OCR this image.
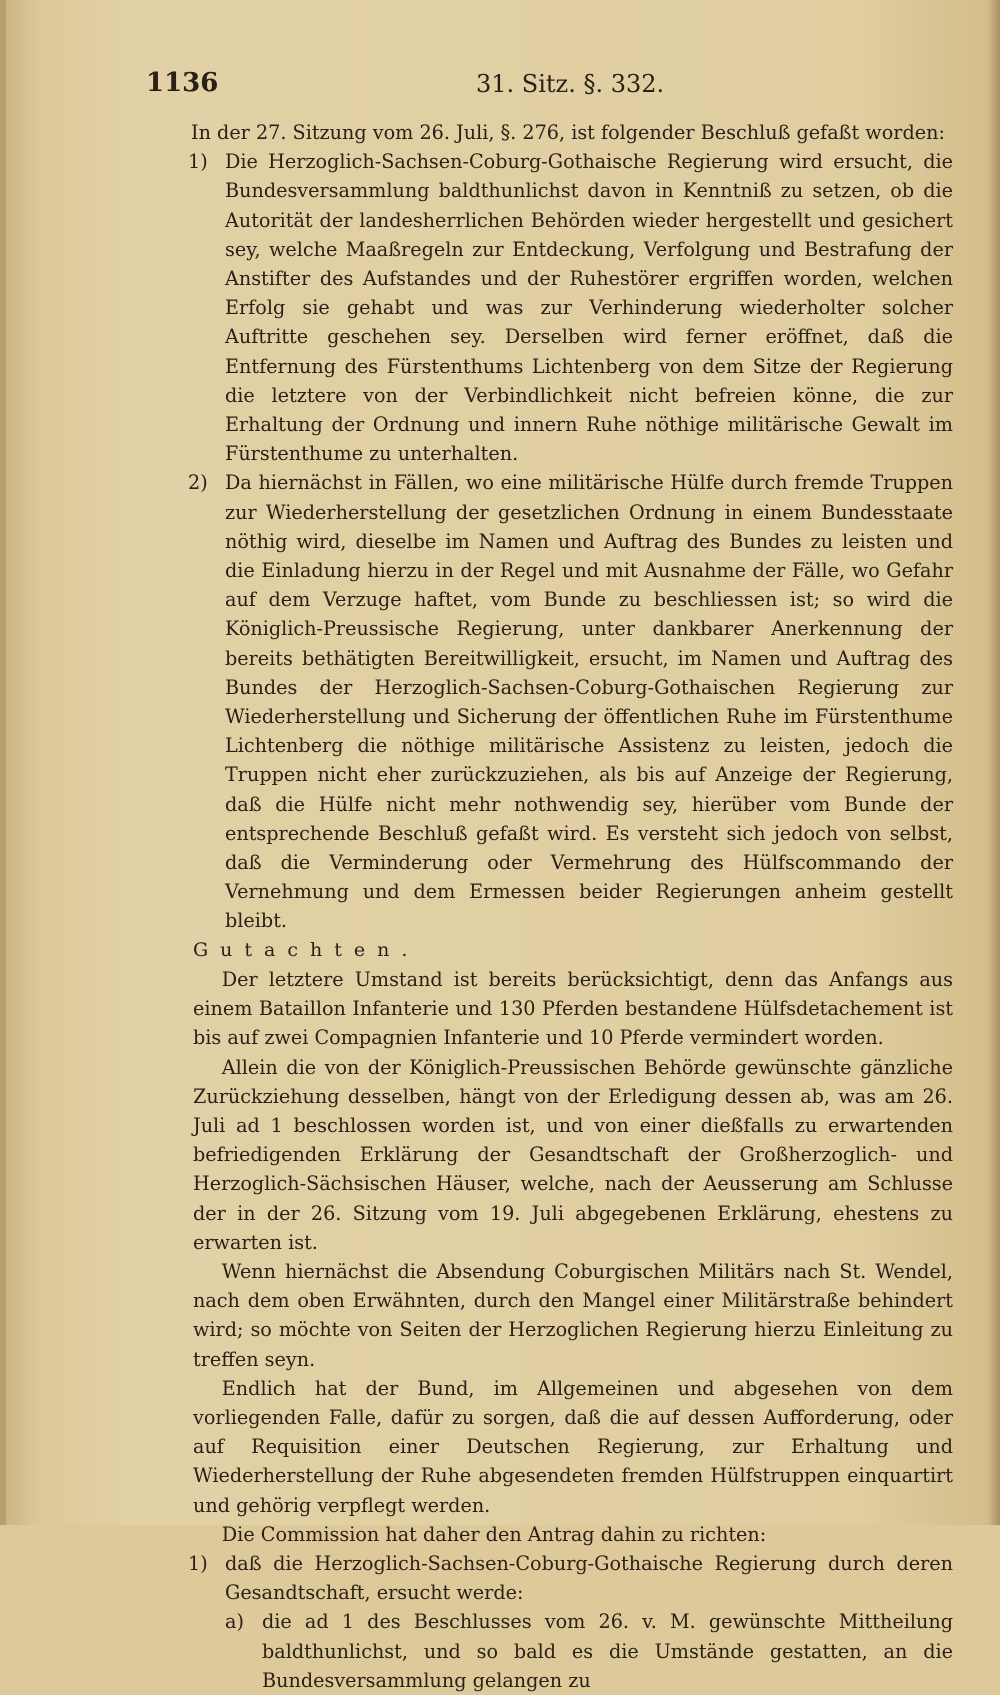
1136	31. Sitz. §. 332.

In der 27. Sitzung vom 26. Juli, §. 276, ist folgender Beschluß gefaßt worden:

1) Die Herzoglich-Sachsen-Coburg-Gothaische Regierung wird ersucht, die Bundesversammlung baldthunlichst davon in Kenntniß zu setzen, ob die Autorität der landesherrlichen Behörden wieder hergestellt und gesichert sey, welche Maaßregeln zur Entdeckung, Verfolgung und Bestrafung der Anstifter des Aufstandes und der Ruhestörer ergriffen worden, welchen Erfolg sie gehabt und was zur Verhinderung wiederholter solcher Auftritte geschehen sey. Derselben wird ferner eröffnet, daß die Entfernung des Fürstenthums Lichtenberg von dem Sitze der Regierung die letztere von der Verbindlichkeit nicht befreien könne, die zur Erhaltung der Ordnung und innern Ruhe nöthige militärische Gewalt im Fürstenthume zu unterhalten.

2) Da hiernächst in Fällen, wo eine militärische Hülfe durch fremde Truppen zur Wiederherstellung der gesetzlichen Ordnung in einem Bundesstaate nöthig wird, dieselbe im Namen und Auftrag des Bundes zu leisten und die Einladung hierzu in der Regel und mit Ausnahme der Fälle, wo Gefahr auf dem Verzuge haftet, vom Bunde zu beschliessen ist; so wird die Königlich-Preussische Regierung, unter dankbarer Anerkennung der bereits bethätigten Bereitwilligkeit, ersucht, im Namen und Auftrag des Bundes der Herzoglich-Sachsen-Coburg-Gothaischen Regierung zur Wiederherstellung und Sicherung der öffentlichen Ruhe im Fürstenthume Lichtenberg die nöthige militärische Assistenz zu leisten, jedoch die Truppen nicht eher zurückzuziehen, als bis auf Anzeige der Regierung, daß die Hülfe nicht mehr nothwendig sey, hierüber vom Bunde der entsprechende Beschluß gefaßt wird. Es versteht sich jedoch von selbst, daß die Verminderung oder Vermehrung des Hülfscommando der Vernehmung und dem Ermessen beider Regierungen anheim gestellt bleibt.

Gutachten.

Der letztere Umstand ist bereits berücksichtigt, denn das Anfangs aus einem Bataillon Infanterie und 130 Pferden bestandene Hülfsdetachement ist bis auf zwei Compagnien Infanterie und 10 Pferde vermindert worden.

Allein die von der Königlich-Preussischen Behörde gewünschte gänzliche Zurückziehung desselben, hängt von der Erledigung dessen ab, was am 26. Juli ad 1 beschlossen worden ist, und von einer dießfalls zu erwartenden befriedigenden Erklärung der Gesandtschaft der Großherzoglich- und Herzoglich-Sächsischen Häuser, welche, nach der Aeusserung am Schlusse der in der 26. Sitzung vom 19. Juli abgegebenen Erklärung, ehestens zu erwarten ist.

Wenn hiernächst die Absendung Coburgischen Militärs nach St. Wendel, nach dem oben Erwähnten, durch den Mangel einer Militärstraße behindert wird; so möchte von Seiten der Herzoglichen Regierung hierzu Einleitung zu treffen seyn.

Endlich hat der Bund, im Allgemeinen und abgesehen von dem vorliegenden Falle, dafür zu sorgen, daß die auf dessen Aufforderung, oder auf Requisition einer Deutschen Regierung, zur Erhaltung und Wiederherstellung der Ruhe abgesendeten fremden Hülfstruppen einquartirt und gehörig verpflegt werden.

Die Commission hat daher den Antrag dahin zu richten:

1) daß die Herzoglich-Sachsen-Coburg-Gothaische Regierung durch deren Gesandtschaft, ersucht werde:

a) die ad 1 des Beschlusses vom 26. v. M. gewünschte Mittheilung baldthunlichst, und so bald es die Umstände gestatten, an die Bundesversammlung gelangen zu
